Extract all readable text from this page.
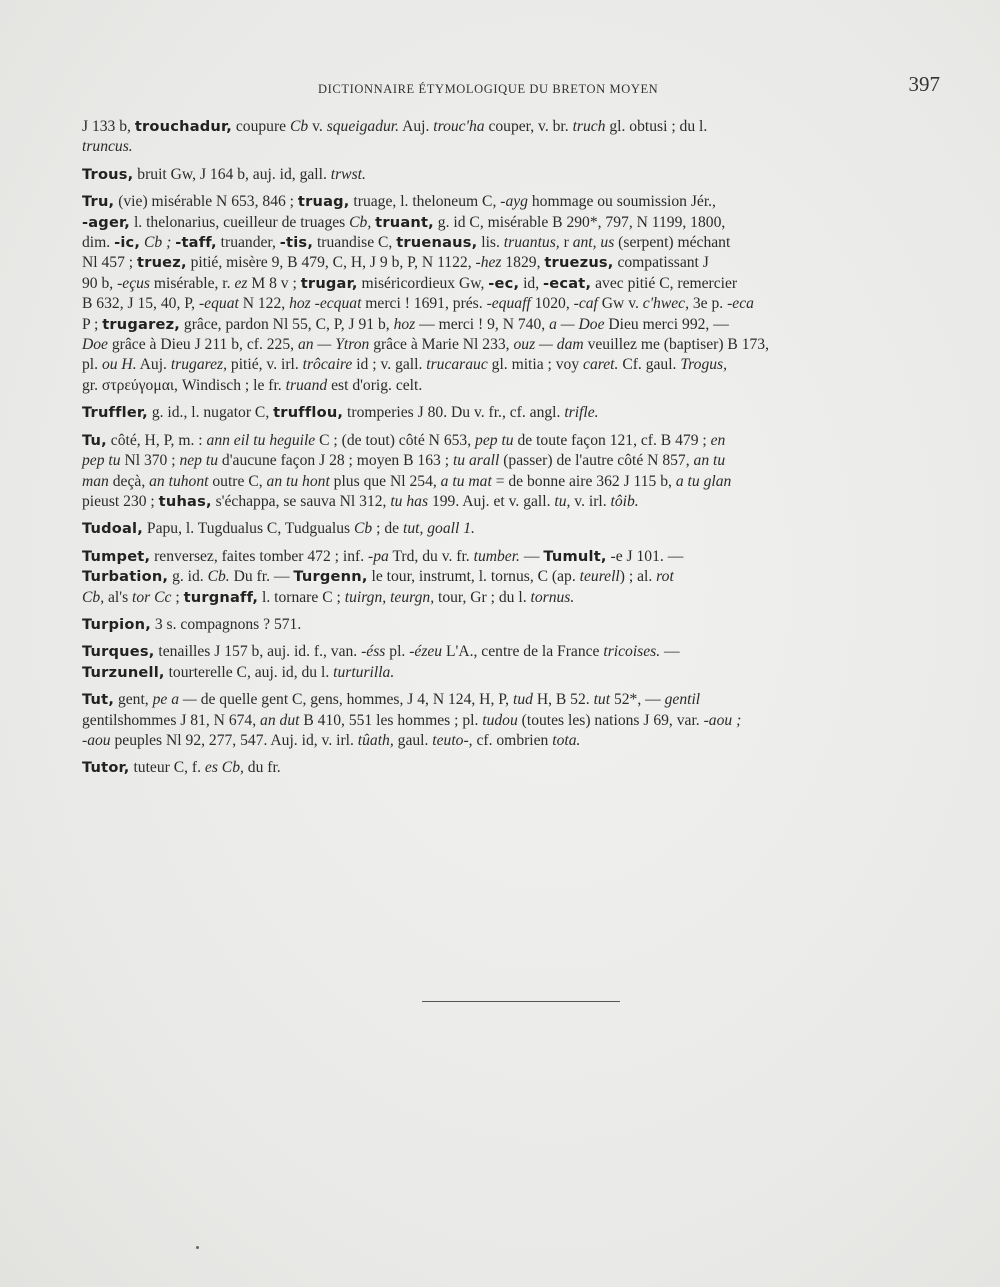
DICTIONNAIRE ÉTYMOLOGIQUE DU BRETON MOYEN	397
J 133 b, trouchadur, coupure Cb v. squeigadur. Auj. trouc'ha couper, v. br. truch gl. obtusi ; du l.
truncus.
Trous, bruit Gw, J 164 b, auj. id, gall. trwst.
Tru, (vie) misérable N 653, 846 ; truag, truage, l. theloneum C, -ayg hommage ou soumission Jér.,
-ager, l. thelonarius, cueilleur de truages Cb, truant, g. id C, misérable B 290*, 797, N 1199, 1800,
dim. -ic, Cb ; -taff, truander, -tis, truandise C, truenaus, lis. truantus, r ant, us (serpent) méchant
Nl 457 ; truez, pitié, misère 9, B 479, C, H, J 9 b, P, N 1122, -hez 1829, truezus, compatissant J
90 b, -eçus misérable, r. ez M 8 v ; trugar, miséricordieux Gw, -ec, id, -ecat, avec pitié C, remercier
B 632, J 15, 40, P, -equat N 122, hoz -ecquat merci ! 1691, prés. -equaff 1020, -caf Gw v. c'hwec, 3e p. -eca
P ; trugarez, grâce, pardon Nl 55, C, P, J 91 b, hoz — merci ! 9, N 740, a — Doe Dieu merci 992, —
Doe grâce à Dieu J 211 b, cf. 225, an — Ytron grâce à Marie Nl 233, ouz — dam veuillez me (baptiser) B 173,
pl. ou H. Auj. trugarez, pitié, v. irl. trôcaire id ; v. gall. trucarauc gl. mitia ; voy caret. Cf. gaul. Trogus,
gr. στρεύγομαι, Windisch ; le fr. truand est d'orig. celt.
Truffler, g. id., l. nugator C, trufflou, tromperies J 80. Du v. fr., cf. angl. trifle.
Tu, côté, H, P, m. : ann eil tu heguile C ; (de tout) côté N 653, pep tu de toute façon 121, cf. B 479 ; en
pep tu Nl 370 ; nep tu d'aucune façon J 28 ; moyen B 163 ; tu arall (passer) de l'autre côté N 857, an tu
man deçà, an tuhont outre C, an tu hont plus que Nl 254, a tu mat = de bonne aire 362 J 115 b, a tu glan
pieust 230 ; tuhas, s'échappa, se sauva Nl 312, tu has 199. Auj. et v. gall. tu, v. irl. tôib.
Tudoal, Papu, l. Tugdualus C, Tudgualus Cb ; de tut, goall 1.
Tumpet, renversez, faites tomber 472 ; inf. -pa Trd, du v. fr. tumber. — Tumult, -e J 101. —
Turbation, g. id. Cb. Du fr. — Turgenn, le tour, instrumt, l. tornus, C (ap. teurell) ; al. rot
Cb, al's tor Cc ; turgnaff, l. tornare C ; tuirgn, teurgn, tour, Gr ; du l. tornus.
Turpion, 3 s. compagnons ? 571.
Turques, tenailles J 157 b, auj. id. f., van. -éss pl. -ézeu L'A., centre de la France tricoises. —
Turzunell, tourterelle C, auj. id, du l. turturilla.
Tut, gent, pe a — de quelle gent C, gens, hommes, J 4, N 124, H, P, tud H, B 52. tut 52*, — gentil
gentilshommes J 81, N 674, an dut B 410, 551 les hommes ; pl. tudou (toutes les) nations J 69, var. -aou ;
-aou peuples Nl 92, 277, 547. Auj. id, v. irl. tûath, gaul. teuto-, cf. ombrien tota.
Tutor, tuteur C, f. es Cb, du fr.
